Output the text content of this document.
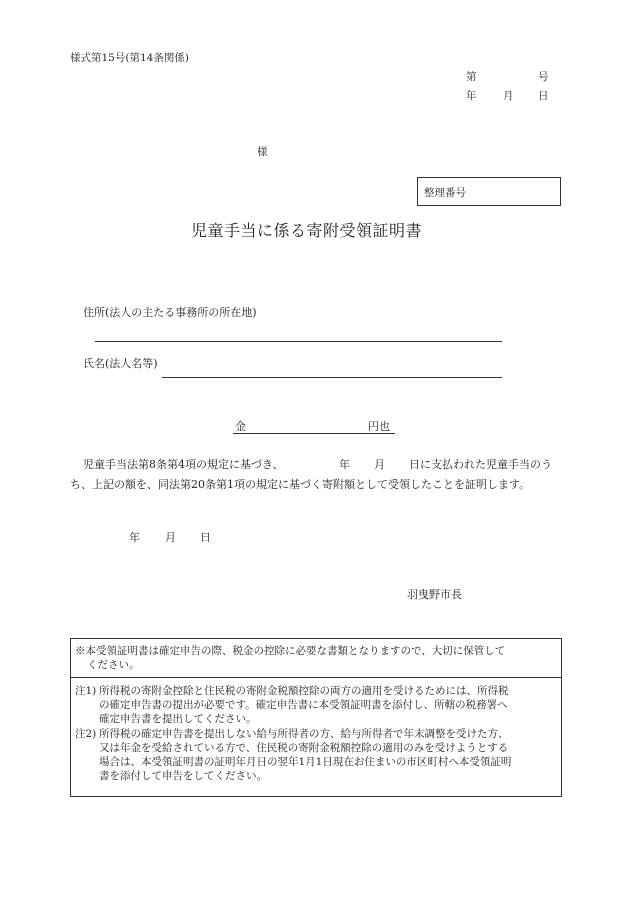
様式第15号(第14条関係)
第	号
年	月 日
様
整理番号
児童手当に係る寄附受領証明書
住所(法人の主たる事務所の所在地)
氏名(法人名等)
金	円也
児童手当法第8条第4項の規定に基づき、	年 月 日に支払われた児童手当のう
ち、上記の額を、同法第20条第1項の規定に基づく寄附額として受領したことを証明します。
年 月 日
羽曳野市長
※本受領証明書は確定申告の際、税金の控除に必要な書類となりますので、大切に保管して
ください。
注1) 所得税の寄附金控除と住民税の寄附金税額控除の両方の適用を受けるためには、所得税
の確定申告書の提出が必要です。確定申告書に本受領証明書を添付し、所轄の税務署へ
確定申告書を提出してください。
注2) 所得税の確定申告書を提出しない給与所得者の方、給与所得者で年末調整を受けた方、
又は年金を受給されている方で、住民税の寄附金税額控除の適用のみを受けようとする
場合は、本受領証明書の証明年月日の翌年1月1日現在お住まいの市区町村へ本受領証明
書を添付して申告をしてください。
